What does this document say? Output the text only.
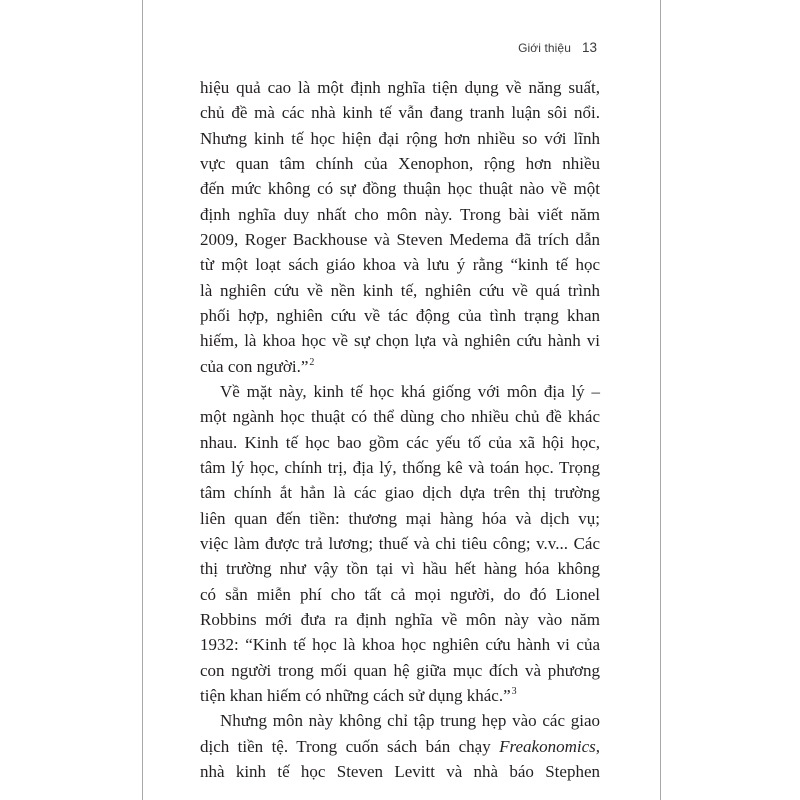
Giới thiệu 13
hiệu quả cao là một định nghĩa tiện dụng về năng suất,
chủ đề mà các nhà kinh tế vẫn đang tranh luận sôi nổi.
Nhưng kinh tế học hiện đại rộng hơn nhiều so với lĩnh
vực quan tâm chính của Xenophon, rộng hơn nhiều
đến mức không có sự đồng thuận học thuật nào về một
định nghĩa duy nhất cho môn này. Trong bài viết năm
2009, Roger Backhouse và Steven Medema đã trích dẫn
từ một loạt sách giáo khoa và lưu ý rằng “kinh tế học
là nghiên cứu về nền kinh tế, nghiên cứu về quá trình
phối hợp, nghiên cứu về tác động của tình trạng khan
hiếm, là khoa học về sự chọn lựa và nghiên cứu hành vi
của con người.”$^2$
Về mặt này, kinh tế học khá giống với môn địa lý –
một ngành học thuật có thể dùng cho nhiều chủ đề khác
nhau. Kinh tế học bao gồm các yếu tố của xã hội học,
tâm lý học, chính trị, địa lý, thống kê và toán học. Trọng
tâm chính ắt hẳn là các giao dịch dựa trên thị trường
liên quan đến tiền: thương mại hàng hóa và dịch vụ;
việc làm được trả lương; thuế và chi tiêu công; v.v... Các
thị trường như vậy tồn tại vì hầu hết hàng hóa không
có sẵn miễn phí cho tất cả mọi người, do đó Lionel
Robbins mới đưa ra định nghĩa về môn này vào năm
1932: “Kinh tế học là khoa học nghiên cứu hành vi của
con người trong mối quan hệ giữa mục đích và phương
tiện khan hiếm có những cách sử dụng khác.”$^3$
Nhưng môn này không chỉ tập trung hẹp vào các giao
dịch tiền tệ. Trong cuốn sách bán chạy Freakonomics,
nhà kinh tế học Steven Levitt và nhà báo Stephen
